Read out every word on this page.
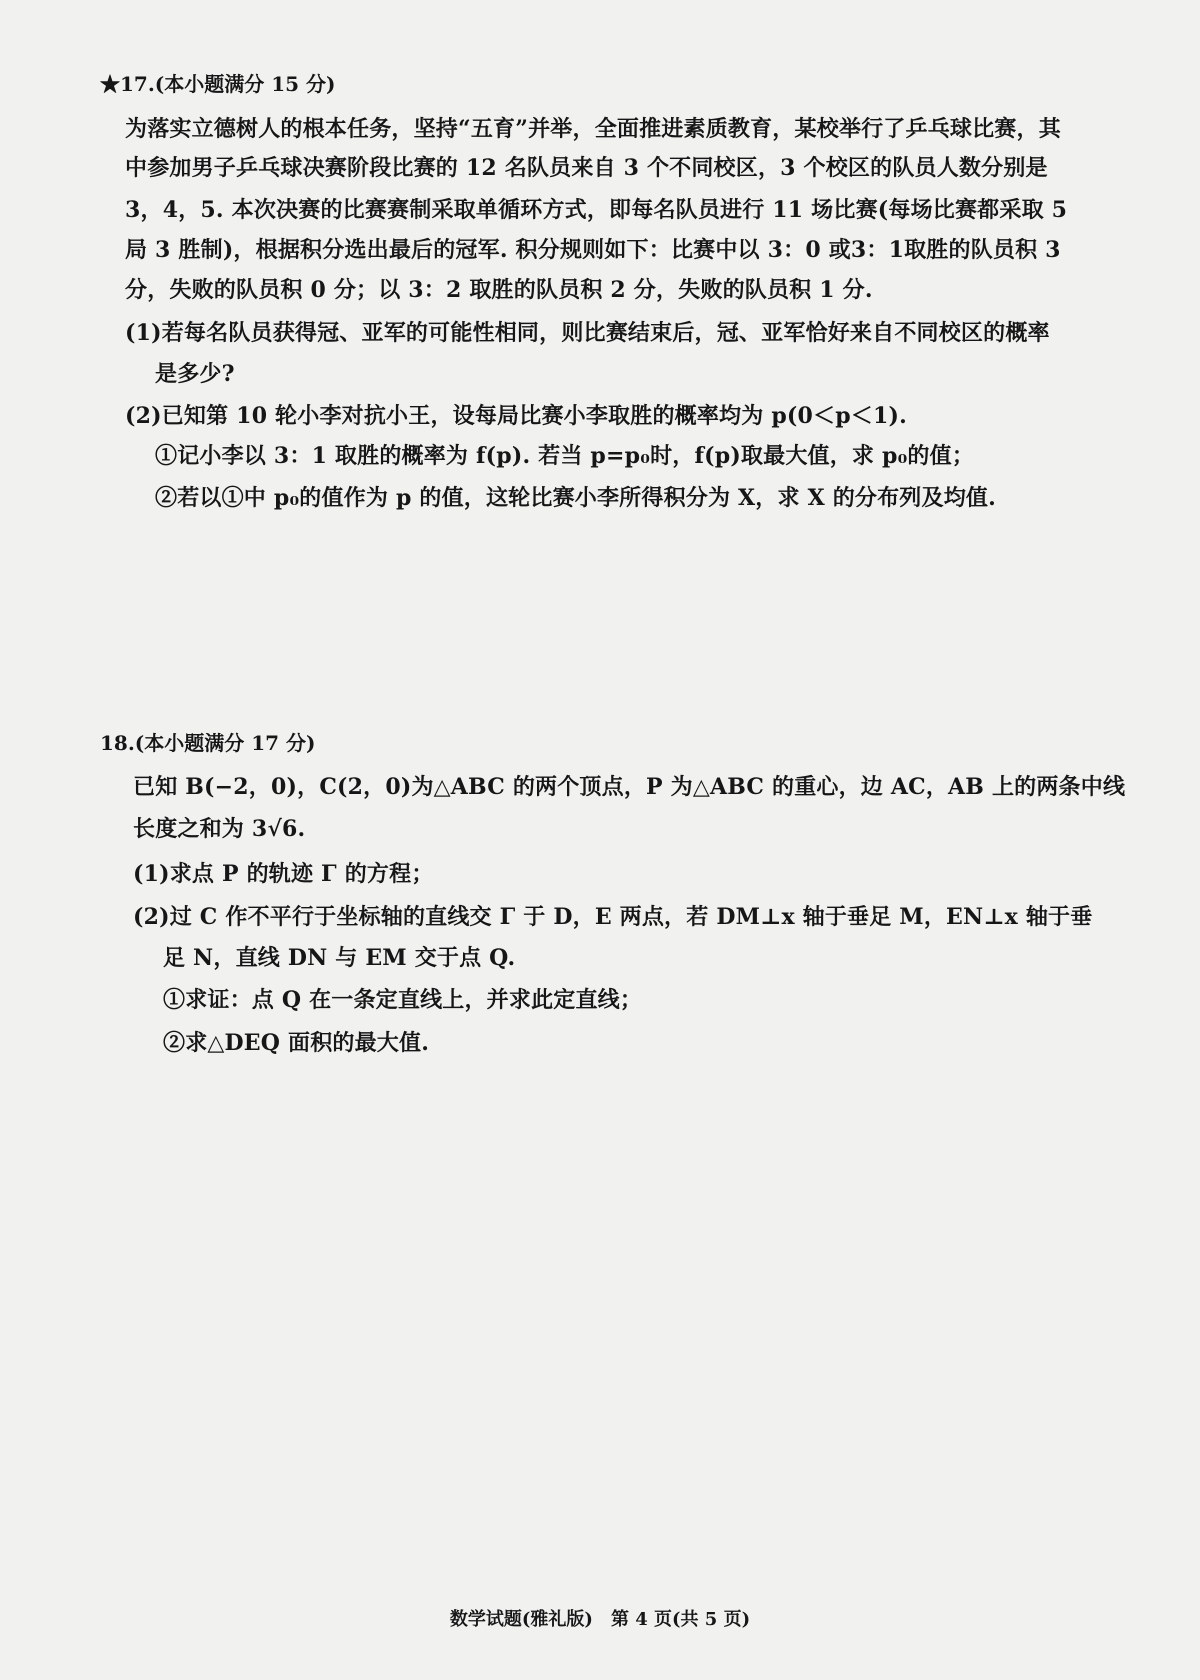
★17.(本小题满分 15 分)
为落实立德树人的根本任务，坚持“五育”并举，全面推进素质教育，某校举行了乒乓球比赛，其
中参加男子乒乓球决赛阶段比赛的 12 名队员来自 3 个不同校区，3 个校区的队员人数分别是
3，4，5. 本次决赛的比赛赛制采取单循环方式，即每名队员进行 11 场比赛(每场比赛都采取 5
局 3 胜制)，根据积分选出最后的冠军. 积分规则如下：比赛中以 3：0 或3：1取胜的队员积 3
分，失败的队员积 0 分；以 3：2 取胜的队员积 2 分，失败的队员积 1 分.
(1)若每名队员获得冠、亚军的可能性相同，则比赛结束后，冠、亚军恰好来自不同校区的概率
是多少?
(2)已知第 10 轮小李对抗小王，设每局比赛小李取胜的概率均为 p(0＜p＜1).
①记小李以 3：1 取胜的概率为 f(p). 若当 p=p₀时，f(p)取最大值，求 p₀的值；
②若以①中 p₀的值作为 p 的值，这轮比赛小李所得积分为 X，求 X 的分布列及均值.
18.(本小题满分 17 分)
已知 B(−2，0)，C(2，0)为△ABC 的两个顶点，P 为△ABC 的重心，边 AC，AB 上的两条中线
长度之和为 3√6.
(1)求点 P 的轨迹 Γ 的方程；
(2)过 C 作不平行于坐标轴的直线交 Γ 于 D，E 两点，若 DM⊥x 轴于垂足 M，EN⊥x 轴于垂
足 N，直线 DN 与 EM 交于点 Q.
①求证：点 Q 在一条定直线上，并求此定直线；
②求△DEQ 面积的最大值.
数学试题(雅礼版)　第 4 页(共 5 页)
